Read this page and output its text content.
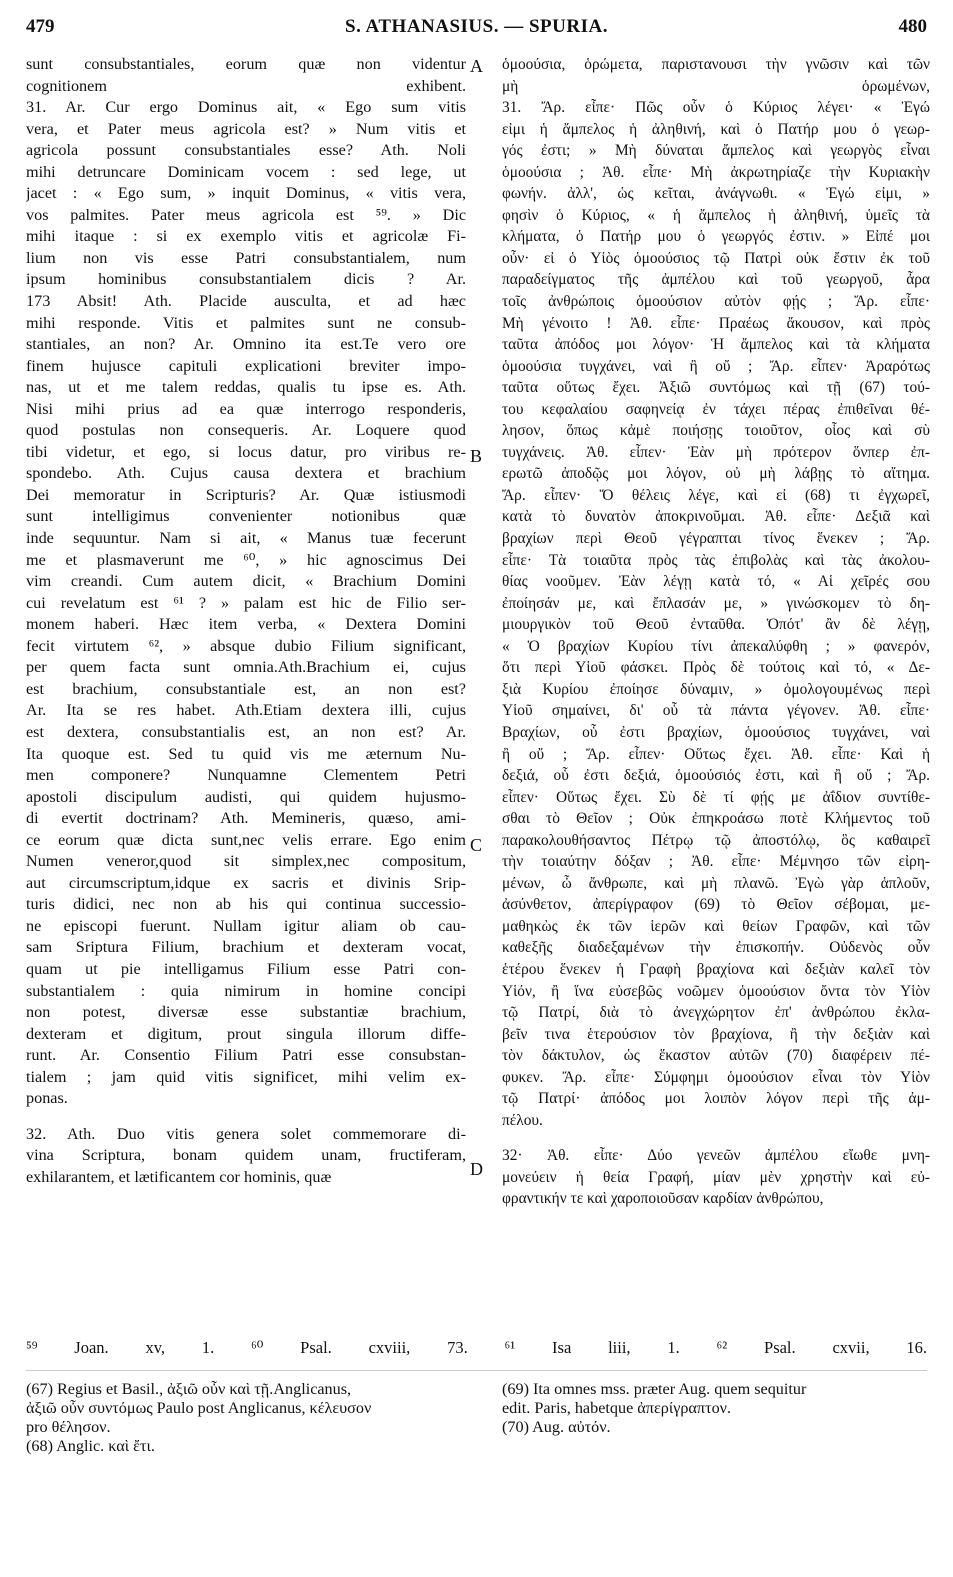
479	S. ATHANASIUS. — SPURIA.	480
sunt consubstantiales, eorum quæ non videntur
cognitionem exhibent.
31. Ar. Cur ergo Dominus ait, « Ego sum vitis
vera, et Pater meus agricola est? » Num vitis et
agricola possunt consubstantiales esse? Ath. Noli
mihi detruncare Dominicam vocem : sed lege, ut
jacet : « Ego sum, » inquit Dominus, « vitis vera,
vos palmites. Pater meus agricola est ⁵⁹. » Dic
mihi itaque : si ex exemplo vitis et agricolæ Fi-
lium non vis esse Patri consubstantialem, num
ipsum hominibus consubstantialem dicis ? Ar.
173 Absit! Ath. Placide ausculta, et ad hæc
mihi responde. Vitis et palmites sunt ne consub-
stantiales, an non? Ar. Omnino ita est.Te vero ore
finem hujusce capituli explicationi breviter impo-
nas, ut et me talem reddas, qualis tu ipse es. Ath.
Nisi mihi prius ad ea quæ interrogo responderis,
quod postulas non consequeris. Ar. Loquere quod
tibi videtur, et ego, si locus datur, pro viribus re-
spondebo. Ath. Cujus causa dextera et brachium
Dei memoratur in Scripturis? Ar. Quæ istiusmodi
sunt intelligimus convenienter notionibus quæ
inde sequuntur. Nam si ait, « Manus tuæ fecerunt
me et plasmaverunt me ⁶⁰, » hic agnoscimus Dei
vim creandi. Cum autem dicit, « Brachium Domini
cui revelatum est ⁶¹ ? » palam est hic de Filio ser-
monem haberi. Hæc item verba, « Dextera Domini
fecit virtutem ⁶², » absque dubio Filium significant,
per quem facta sunt omnia.Ath.Brachium ei, cujus
est brachium, consubstantiale est, an non est?
Ar. Ita se res habet. Ath.Etiam dextera illi, cujus
est dextera, consubstantialis est, an non est? Ar.
Ita quoque est. Sed tu quid vis me æternum Nu-
men componere? Nunquamne Clementem Petri
apostoli discipulum audisti, qui quidem hujusmo-
di evertit doctrinam? Ath. Memineris, quæso, ami-
ce eorum quæ dicta sunt,nec velis errare. Ego enim
Numen veneror,quod sit simplex,nec compositum,
aut circumscriptum,idque ex sacris et divinis Srip-
turis didici, nec non ab his qui continua successio-
ne episcopi fuerunt. Nullam igitur aliam ob cau-
sam Sriptura Filium, brachium et dexteram vocat,
quam ut pie intelligamus Filium esse Patri con-
substantialem : quia nimirum in homine concipi
non potest, diversæ esse substantiæ brachium,
dexteram et digitum, prout singula illorum diffe-
runt. Ar. Consentio Filium Patri esse consubstan-
tialem ; jam quid vitis significet, mihi velim ex-
ponas.
32. Ath. Duo vitis genera solet commemorare di-
vina Scriptura, bonam quidem unam, fructiferam,
exhilarantem, et lætificantem cor hominis, quæ
ὁμοούσια, ὁρώμετα, παριστανουσι τὴν γνῶσιν καὶ τῶν
μὴ ὁρωμένων,
31. Ἄρ. εἶπε· Πῶς οὖν ὁ Κύριος λέγει· « Ἐγώ
εἰμι ἡ ἄμπελος ἡ ἀληθινή, καὶ ὁ Πατήρ μου ὁ γεωρ-
γός ἐστι; » Μὴ δύναται ἄμπελος καὶ γεωργὸς εἶναι
ὁμοούσια ; Ἀθ. εἶπε· Μὴ ἀκρωτηρίαζε τὴν Κυριακὴν
φωνήν. ἀλλ', ὡς κεῖται, ἀνάγνωθι. « Ἐγώ εἰμι, »
φησὶν ὁ Κύριος, « ἡ ἄμπελος ἡ ἀληθινή, ὑμεῖς τὰ
κλήματα, ὁ Πατήρ μου ὁ γεωργός ἐστιν. » Εἰπέ μοι
οὖν· εἰ ὁ Υἱὸς ὁμοούσιος τῷ Πατρὶ οὐκ ἔστιν ἐκ τοῦ
παραδείγματος τῆς ἀμπέλου καὶ τοῦ γεωργοῦ, ἆρα
τοῖς ἀνθρώποις ὁμοούσιον αὐτὸν φῄς ; Ἄρ. εἶπε·
Μὴ γένοιτο ! Ἀθ. εἶπε· Πραέως ἄκουσον, καὶ πρὸς
ταῦτα ἀπόδος μοι λόγον· Ἡ ἄμπελος καὶ τὰ κλήματα
ὁμοούσια τυγχάνει, ναὶ ἢ οὔ ; Ἄρ. εἶπεν· Ἀραρότως
ταῦτα οὕτως ἔχει. Ἀξιῶ συντόμως καὶ τῇ (67) τού-
του κεφαλαίου σαφηνείᾳ ἐν τάχει πέρας ἐπιθεῖναι θέ-
λησον, ὅπως κἀμὲ ποιήσῃς τοιοῦτον, οἷος καὶ σὺ
τυγχάνεις. Ἀθ. εἶπεν· Ἐὰν μὴ πρότερον ὅνπερ ἐπ-
ερωτῶ ἀποδῷς μοι λόγον, οὐ μὴ λάβῃς τὸ αἴτημα.
Ἄρ. εἶπεν· Ὅ θέλεις λέγε, καὶ εἰ (68) τι ἐγχωρεῖ,
κατὰ τὸ δυνατὸν ἀποκρινοῦμαι. Ἀθ. εἶπε· Δεξιᾶ καὶ
βραχίων περὶ Θεοῦ γέγραπται τίνος ἕνεκεν ; Ἄρ.
εἶπε· Τὰ τοιαῦτα πρὸς τὰς ἐπιβολὰς καὶ τὰς ἀκολου-
θίας νοοῦμεν. Ἐὰν λέγῃ κατὰ τό, « Αἱ χεῖρές σου
ἐποίησάν με, καὶ ἔπλασάν με, » γινώσκομεν τὸ δη-
μιουργικὸν τοῦ Θεοῦ ἐνταῦθα. Ὁπότ' ἂν δὲ λέγῃ,
« Ὁ βραχίων Κυρίου τίνι ἀπεκαλύφθη ; » φανερόν,
ὅτι περὶ Υἱοῦ φάσκει. Πρὸς δὲ τούτοις καὶ τό, « Δε-
ξιὰ Κυρίου ἐποίησε δύναμιν, » ὁμολογουμένως περὶ
Υἱοῦ σημαίνει, δι' οὗ τὰ πάντα γέγονεν. Ἀθ. εἶπε·
Βραχίων, οὗ ἐστι βραχίων, ὁμοούσιος τυγχάνει, ναὶ
ἢ οὔ ; Ἄρ. εἶπεν· Οὕτως ἔχει. Ἀθ. εἶπε· Καὶ ἡ
δεξιά, οὗ ἐστι δεξιά, ὁμοούσιός ἐστι, καὶ ἢ οὔ ; Ἄρ.
εἶπεν· Οὕτως ἔχει. Σὺ δὲ τί φῄς με ἀΐδιον συντίθε-
σθαι τὸ Θεῖον ; Οὐκ ἐπηκροάσω ποτὲ Κλήμεντος τοῦ
παρακολουθήσαντος Πέτρῳ τῷ ἀποστόλῳ, ὃς καθαιρεῖ
τὴν τοιαύτην δόξαν ; Ἀθ. εἶπε· Μέμνησο τῶν εἰρη-
μένων, ὦ ἄνθρωπε, καὶ μὴ πλανῶ. Ἐγὼ γὰρ ἁπλοῦν,
ἀσύνθετον, ἀπερίγραφον (69) τὸ Θεῖον σέβομαι, με-
μαθηκὼς ἐκ τῶν ἱερῶν καὶ θείων Γραφῶν, καὶ τῶν
καθεξῆς διαδεξαμένων τὴν ἐπισκοπήν. Οὐδενὸς οὖν
ἑτέρου ἕνεκεν ἡ Γραφὴ βραχίονα καὶ δεξιὰν καλεῖ τὸν
Υἱόν, ἢ ἵνα εὐσεβῶς νοῶμεν ὁμοούσιον ὄντα τὸν Υἱὸν
τῷ Πατρί, διὰ τὸ ἀνεγχώρητον ἐπ' ἀνθρώπου ἐκλα-
βεῖν τινα ἑτερούσιον τὸν βραχίονα, ἢ τὴν δεξιὰν καὶ
τὸν δάκτυλον, ὡς ἕκαστον αὐτῶν (70) διαφέρειν πέ-
φυκεν. Ἄρ. εἶπε· Σύμφημι ὁμοούσιον εἶναι τὸν Υἱὸν
τῷ Πατρί· ἀπόδος μοι λοιπὸν λόγον περὶ τῆς ἀμ-
πέλου.
32· Ἀθ. εἶπε· Δύο γενεῶν ἀμπέλου εἴωθε μνη-
μονεύειν ἡ θεία Γραφή, μίαν μὲν χρηστὴν καὶ εὐ-
φραντικήν τε καὶ χαροποιοῦσαν καρδίαν ἀνθρώπου,
A
B
C
D
⁵⁹ Joan. xv, 1. ⁶⁰ Psal. cxviii, 73. ⁶¹ Isa liii, 1. ⁶² Psal. cxvii, 16.
(67) Regius et Basil., ἀξιῶ οὖν καὶ τῇ.Anglicanus,
ἀξιῶ οὖν συντόμως Paulo post Anglicanus, κέλευσον
pro θέλησον.
(68) Anglic. καὶ ἔτι.
(69) Ita omnes mss. præter Aug. quem sequitur
edit. Paris, habetque ἀπερίγραπτον.
(70) Aug. αὐτόν.
